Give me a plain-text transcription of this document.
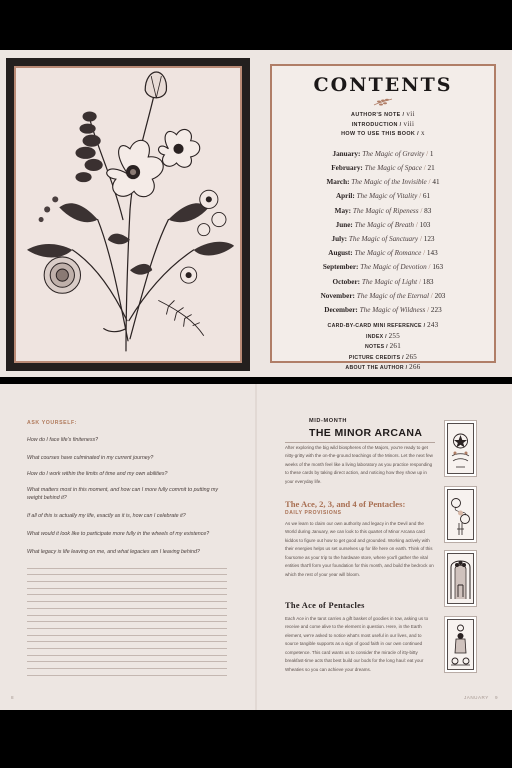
CONTENTS
AUTHOR'S NOTE / vii
INTRODUCTION / viii
HOW TO USE THIS BOOK / x
January: The Magic of Gravity / 1
February: The Magic of Space / 21
March: The Magic of the Invisible / 41
April: The Magic of Vitality / 61
May: The Magic of Ripeness / 83
June: The Magic of Breath / 103
July: The Magic of Sanctuary / 123
August: The Magic of Romance / 143
September: The Magic of Devotion / 163
October: The Magic of Light / 183
November: The Magic of the Eternal / 203
December: The Magic of Wildness / 223
CARD-BY-CARD MINI REFERENCE / 243
INDEX / 255
NOTES / 261
PICTURE CREDITS / 265
ABOUT THE AUTHOR / 266
ASK YOURSELF:
How do I face life's finiteness?
What courses have culminated in my current journey?
How do I work within the limits of time and my own abilities?
What matters most in this moment, and how can I more fully commit to putting my weight behind it?
If all of this is actually my life, exactly as it is, how can I celebrate it?
What would it look like to participate more fully in the wheels of my existence?
What legacy is life leaving on me, and what legacies am I leaving behind?
8
MID-MONTH
THE MINOR ARCANA
After exploring the big wild biospheres of the Majors, you're ready to get nitty-gritty with the on-the-ground teachings of the Minors. Let the next few weeks of the month feel like a living laboratory as you practice responding to these cards by taking direct action, and noticing how they show up in your everyday life.
The Ace, 2, 3, and 4 of Pentacles:
DAILY PROVISIONS
As we learn to claim our own authority and legacy in the Devil and the World during January, we can look to this quartet of Minor Arcana card kiddos to figure out how to get good and grounded. Working actively with their energies helps us set ourselves up for life here on earth. Think of this foursome as your trip to the hardware store, where you'll gather the vital entities that'll form your foundation for this month, and build the bedrock on which the rest of your year will bloom.
The Ace of Pentacles
Each Ace in the tarot carries a gift basket of goodies in tow, asking us to receive and come alive to the element in question. Here, in the Earth element, we're asked to notice what's most useful in our lives, and to source tangible supports as a sign of good faith in our own continued competence. This card wants us to consider the miracle of itty-bitty breakfast-time acts that best build our bods for the long haul: eat your Wheaties so you can achieve your dreams.
JANUARY 9
